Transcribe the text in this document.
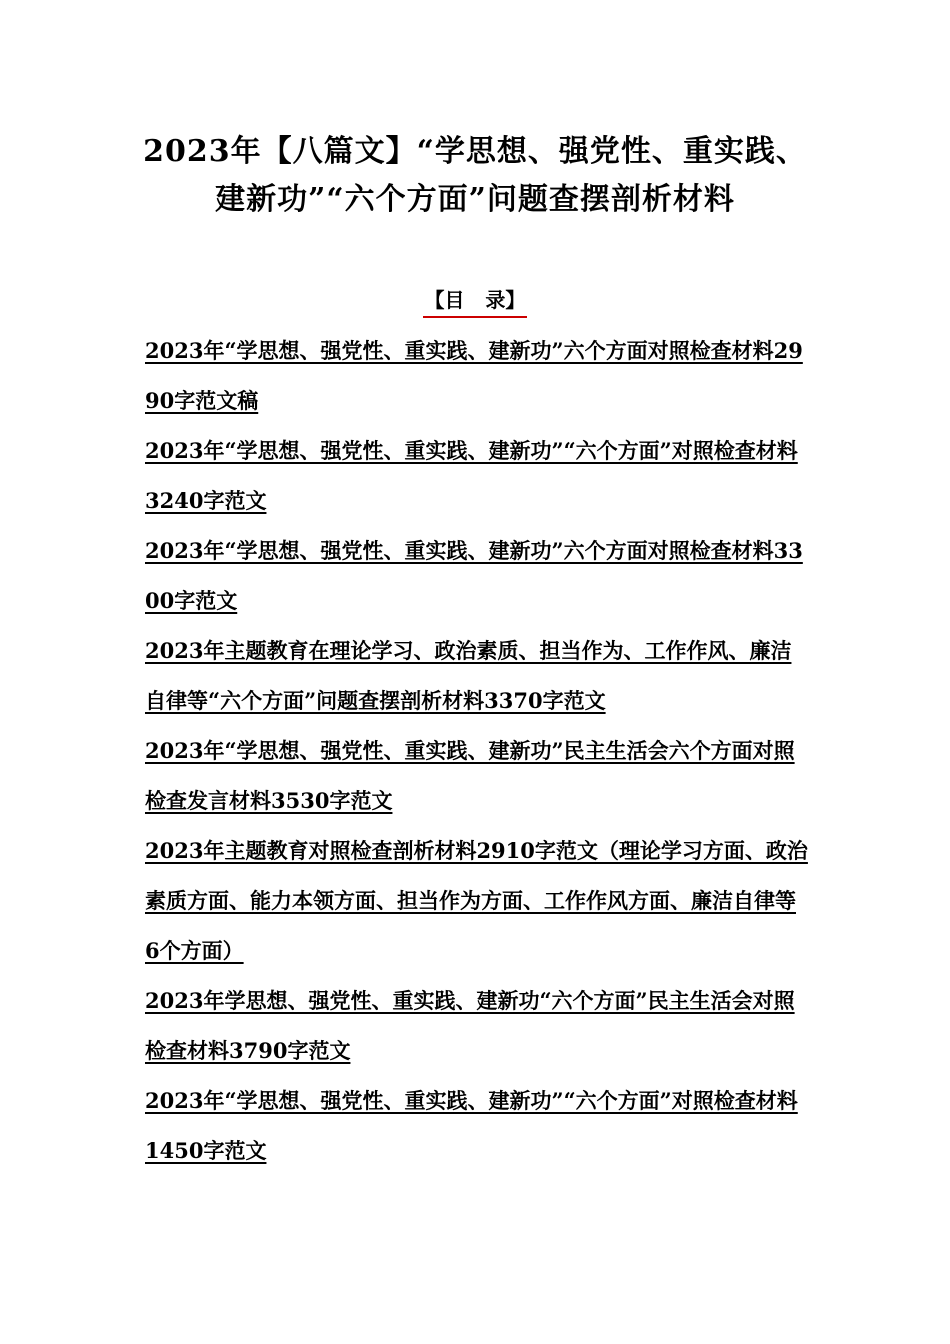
2023年【八篇文】“学思想、强党性、重实践、建新功”“六个方面”问题查摆剖析材料
【目   录】
2023年“学思想、强党性、重实践、建新功”六个方面对照检查材料2990字范文稿
2023年“学思想、强党性、重实践、建新功”“六个方面”对照检查材料3240字范文
2023年“学思想、强党性、重实践、建新功”六个方面对照检查材料3300字范文
2023年主题教育在理论学习、政治素质、担当作为、工作作风、廉洁自律等“六个方面”问题查摆剖析材料3370字范文
2023年“学思想、强党性、重实践、建新功”民主生活会六个方面对照检查发言材料3530字范文
2023年主题教育对照检查剖析材料2910字范文（理论学习方面、政治素质方面、能力本领方面、担当作为方面、工作作风方面、廉洁自律等6个方面）
2023年学思想、强党性、重实践、建新功“六个方面”民主生活会对照检查材料3790字范文
2023年“学思想、强党性、重实践、建新功”“六个方面”对照检查材料1450字范文
